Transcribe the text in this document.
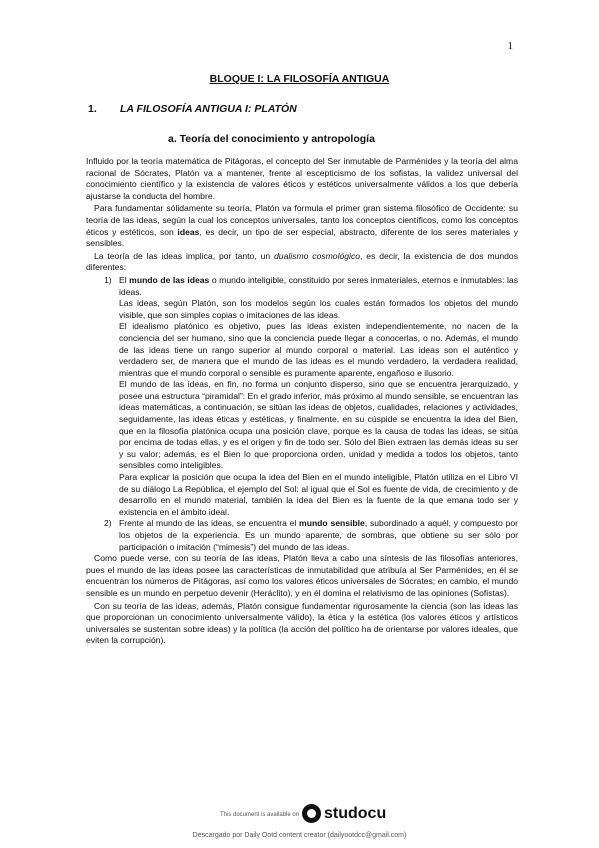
1
BLOQUE I: LA FILOSOFÍA ANTIGUA
1. LA FILOSOFÍA ANTIGUA I: PLATÓN
a. Teoría del conocimiento y antropología

Influido por la teoría matemática de Pitágoras, el concepto del Ser inmutable de Parménides y la teoría del alma racional de Sócrates, Platón va a mantener, frente al escepticismo de los sofistas, la validez universal del conocimiento científico y la existencia de valores éticos y estéticos universalmente válidos a los que debería ajustarse la conducta del hombre.

Para fundamentar sólidamente su teoría, Platón va formula el primer gran sistema filosófico de Occidente: su teoría de las ideas, según la cual los conceptos universales, tanto los conceptos científicos, como los conceptos éticos y estéticos, son ideas, es decir, un tipo de ser especial, abstracto, diferente de los seres materiales y sensibles.

La teoría de las ideas implica, por tanto, un dualismo cosmológico, es decir, la existencia de dos mundos diferentes:

1) El mundo de las ideas o mundo inteligible, constituido por seres inmateriales, eternos e inmutables: las ideas.

Las ideas, según Platón, son los modelos según los cuales están formados los objetos del mundo visible, que son simples copias o imitaciones de las ideas.

El idealismo platónico es objetivo, pues las ideas existen independientemente, no nacen de la conciencia del ser humano, sino que la conciencia puede llegar a conocerlas, o no. Además, el mundo de las ideas tiene un rango superior al mundo corporal o material. Las ideas son el auténtico y verdadero ser, de manera que el mundo de las ideas es el mundo verdadero, la verdadera realidad, mientras que el mundo corporal o sensible es puramente aparente, engañoso e ilusorio.

El mundo de las ideas, en fin, no forma un conjunto disperso, sino que se encuentra jerarquizado, y posee una estructura “piramidal”: En el grado inferior, más próximo al mundo sensible, se encuentran las ideas matemáticas, a continuación, se sitúan las ideas de objetos, cualidades, relaciones y actividades, seguidamente, las ideas éticas y estéticas, y finalmente, en su cúspide se encuentra la idea del Bien, que en la filosofía platónica ocupa una posición clave, porque es la causa de todas las ideas, se sitúa por encima de todas ellas, y es el origen y fin de todo ser. Sólo del Bien extraen las demás ideas su ser y su valor; además, es el Bien lo que proporciona orden, unidad y medida a todos los objetos, tanto sensibles como inteligibles.

Para explicar la posición que ocupa la idea del Bien en el mundo inteligible, Platón utiliza en el Libro VI de su diálogo La República, el ejemplo del Sol: al igual que el Sol es fuente de vida, de crecimiento y de desarrollo en el mundo material, también la idea del Bien es la fuente de la que emana todo ser y existencia en el ámbito ideal.

2) Frente al mundo de las ideas, se encuentra el mundo sensible, subordinado a aquél, y compuesto por los objetos de la experiencia. Es un mundo aparente, de sombras, que obtiene su ser sólo por participación o imitación (“mimesis”) del mundo de las ideas.

Como puede verse, con su teoría de las ideas, Platón lleva a cabo una síntesis de las filosofías anteriores, pues el mundo de las ideas posee las características de inmutabilidad que atribuía al Ser Parménides, en él se encuentran los números de Pitágoras, así como los valores éticos universales de Sócrates; en cambio, el mundo sensible es un mundo en perpetuo devenir (Heráclito), y en él domina el relativismo de las opiniones (Sofistas).

Con su teoría de las ideas, además, Platón consigue fundamentar rigurosamente la ciencia (son las ideas las que proporcionan un conocimiento universalmente válido), la ética y la estética (los valores éticos y artísticos universales se sustentan sobre ideas) y la política (la acción del político ha de orientarse por valores ideales, que eviten la corrupción).

This document is available on studocu
Descargado por Daily Ootd content creator (dailyootdcc@gmail.com)
